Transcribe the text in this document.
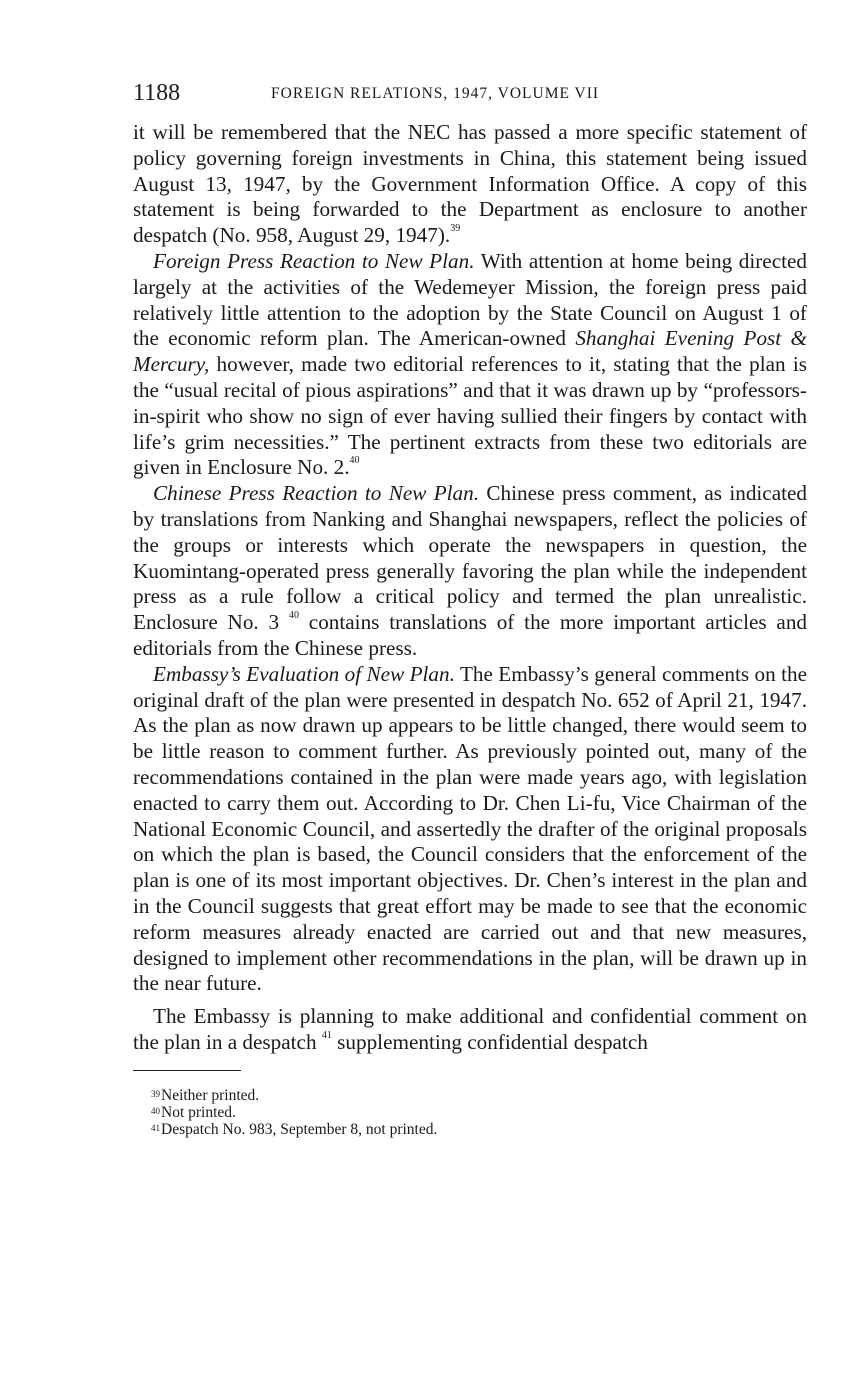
1188	FOREIGN RELATIONS, 1947, VOLUME VII

it will be remembered that the NEC has passed a more specific statement of policy governing foreign investments in China, this statement being issued August 13, 1947, by the Government Information Office. A copy of this statement is being forwarded to the Department as enclosure to another despatch (No. 958, August 29, 1947).$^{39}$

Foreign Press Reaction to New Plan. With attention at home being directed largely at the activities of the Wedemeyer Mission, the foreign press paid relatively little attention to the adoption by the State Council on August 1 of the economic reform plan. The American-owned Shanghai Evening Post & Mercury, however, made two editorial references to it, stating that the plan is the “usual recital of pious aspirations” and that it was drawn up by “professors-in-spirit who show no sign of ever having sullied their fingers by contact with life’s grim necessities.” The pertinent extracts from these two editorials are given in Enclosure No. 2.40

Chinese Press Reaction to New Plan. Chinese press comment, as indicated by translations from Nanking and Shanghai newspapers, reflect the policies of the groups or interests which operate the newspapers in question, the Kuomintang-operated press generally favoring the plan while the independent press as a rule follow a critical policy and termed the plan unrealistic. Enclosure No. 3 $^{40}$ contains translations of the more important articles and editorials from the Chinese press.

Embassy’s Evaluation of New Plan. The Embassy’s general comments on the original draft of the plan were presented in despatch No. 652 of April 21, 1947. As the plan as now drawn up appears to be little changed, there would seem to be little reason to comment further. As previously pointed out, many of the recommendations contained in the plan were made years ago, with legislation enacted to carry them out. According to Dr. Chen Li-fu, Vice Chairman of the National Economic Council, and assertedly the drafter of the original proposals on which the plan is based, the Council considers that the enforcement of the plan is one of its most important objectives. Dr. Chen’s interest in the plan and in the Council suggests that great effort may be made to see that the economic reform measures already enacted are carried out and that new measures, designed to implement other recommendations in the plan, will be drawn up in the near future.

The Embassy is planning to make additional and confidential comment on the plan in a despatch $^{41}$ supplementing confidential despatch

$^{39}$Neither printed.

$^{40}$Not printed.

$^{41}$Despatch No. 983, September 8, not printed.
